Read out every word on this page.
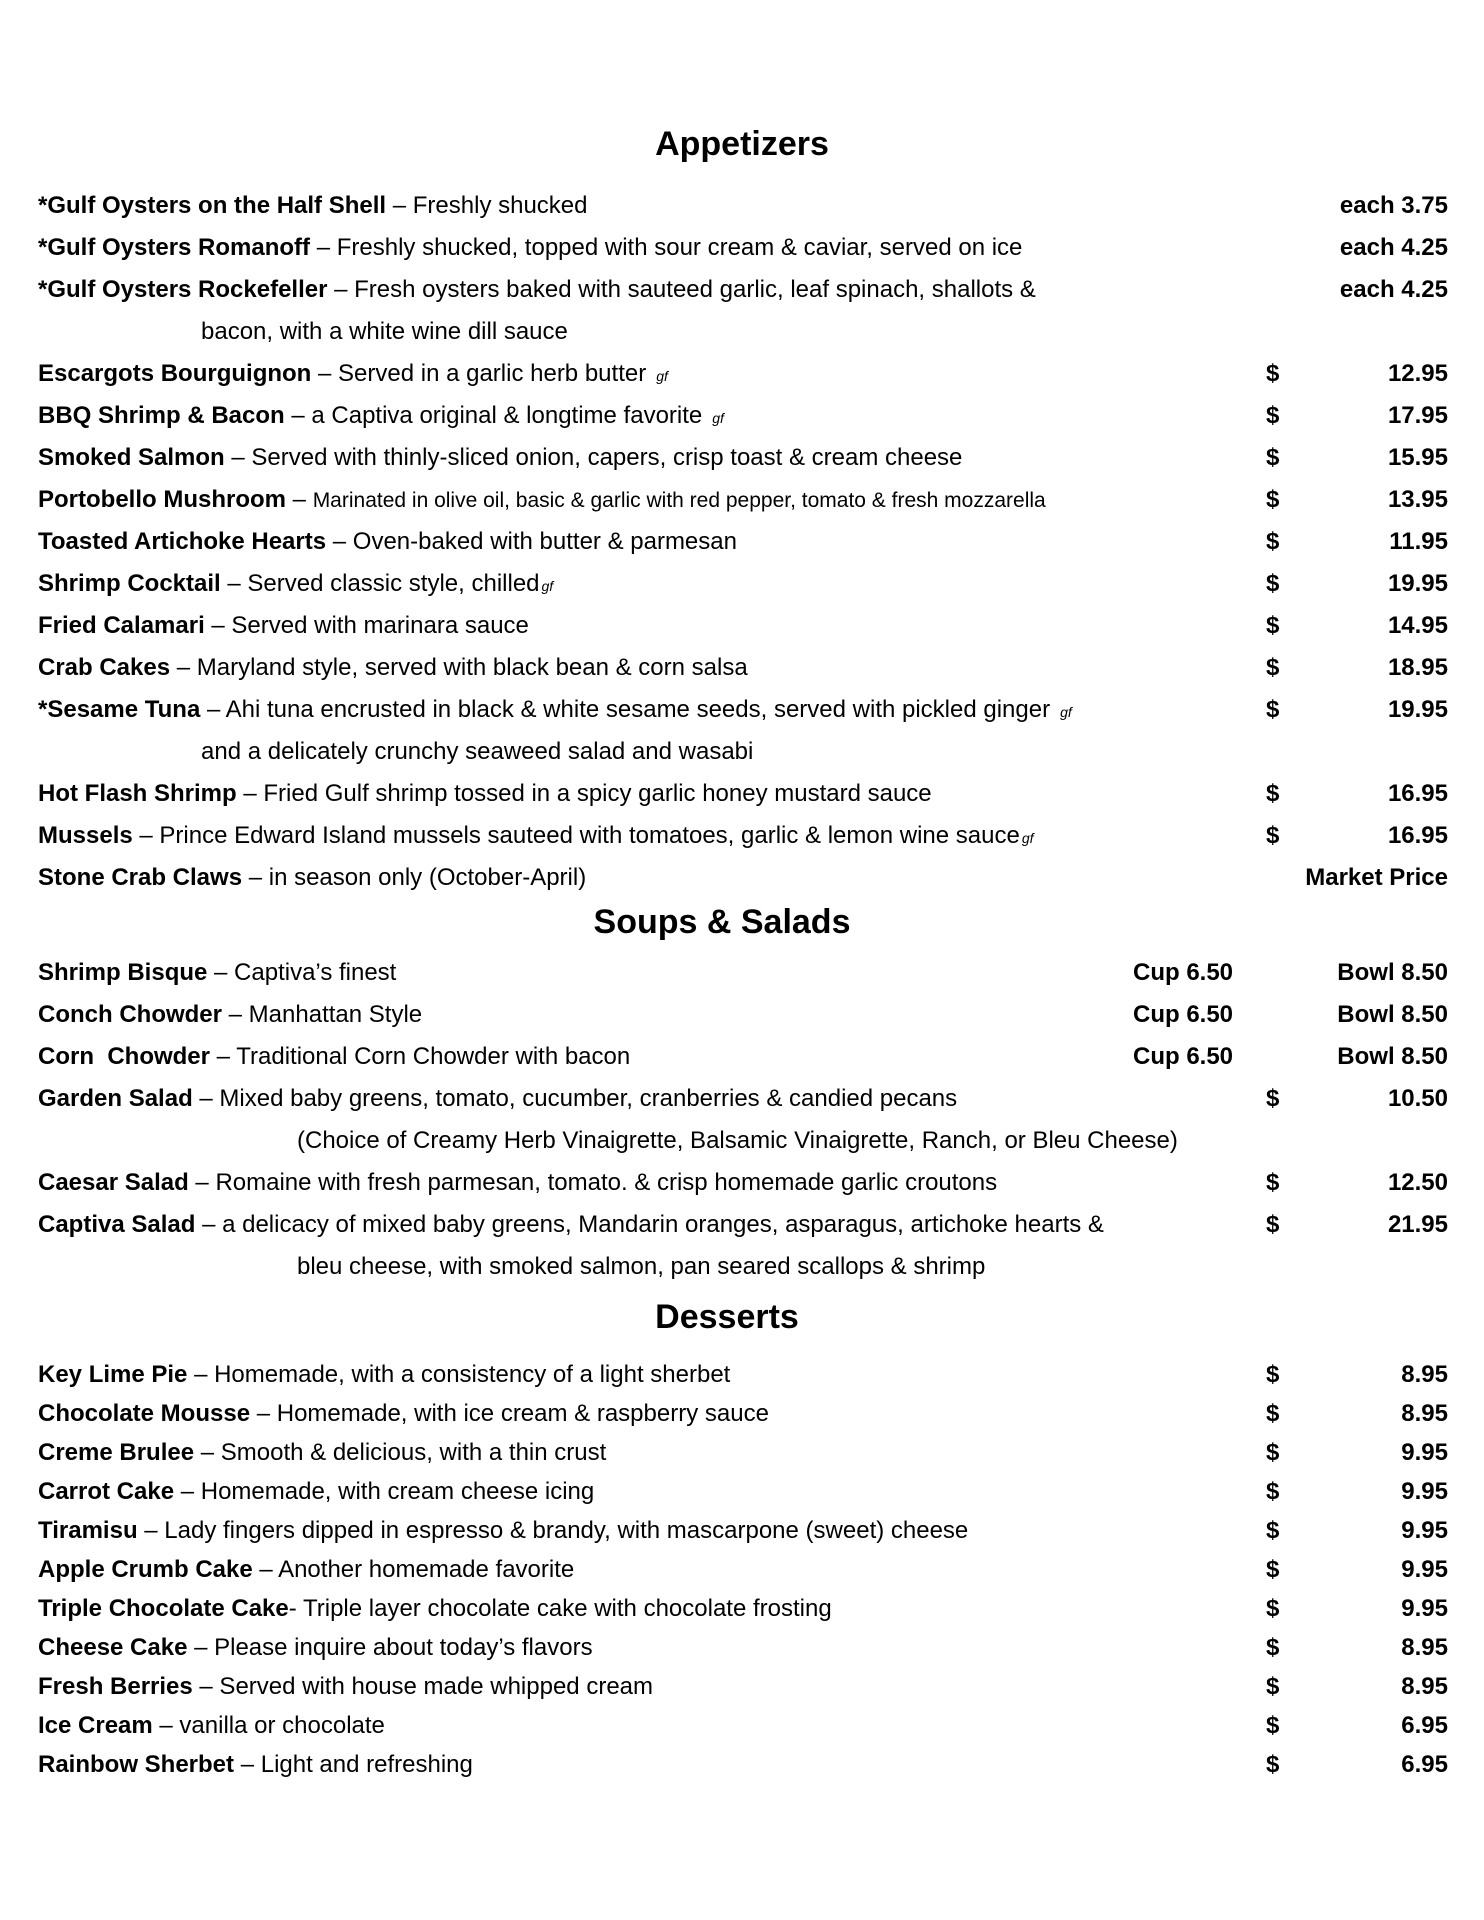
Appetizers
*Gulf Oysters on the Half Shell – Freshly shucked	each 3.75
*Gulf Oysters Romanoff – Freshly shucked, topped with sour cream & caviar, served on ice	each 4.25
*Gulf Oysters Rockefeller – Fresh oysters baked with sauteed garlic, leaf spinach, shallots &	each 4.25
bacon, with a white wine dill sauce
Escargots Bourguignon – Served in a garlic herb butter gf	$	12.95
BBQ Shrimp & Bacon – a Captiva original & longtime favorite gf	$	17.95
Smoked Salmon – Served with thinly-sliced onion, capers, crisp toast & cream cheese	$	15.95
Portobello Mushroom – Marinated in olive oil, basic & garlic with red pepper, tomato & fresh mozzarella	$	13.95
Toasted Artichoke Hearts – Oven-baked with butter & parmesan	$	11.95
Shrimp Cocktail – Served classic style, chilled gf	$	19.95
Fried Calamari – Served with marinara sauce	$	14.95
Crab Cakes – Maryland style, served with black bean & corn salsa	$	18.95
*Sesame Tuna – Ahi tuna encrusted in black & white sesame seeds, served with pickled ginger gf	$	19.95
and a delicately crunchy seaweed salad and wasabi
Hot Flash Shrimp – Fried Gulf shrimp tossed in a spicy garlic honey mustard sauce	$	16.95
Mussels – Prince Edward Island mussels sauteed with tomatoes, garlic & lemon wine sauce gf	$	16.95
Stone Crab Claws – in season only (October-April)	Market Price
Soups & Salads
Shrimp Bisque – Captiva’s finest	Cup 6.50	Bowl 8.50
Conch Chowder – Manhattan Style	Cup 6.50	Bowl 8.50
Corn  Chowder – Traditional Corn Chowder with bacon	Cup 6.50	Bowl 8.50
Garden Salad – Mixed baby greens, tomato, cucumber, cranberries & candied pecans	$	10.50
(Choice of Creamy Herb Vinaigrette, Balsamic Vinaigrette, Ranch, or Bleu Cheese)
Caesar Salad – Romaine with fresh parmesan, tomato. & crisp homemade garlic croutons	$	12.50
Captiva Salad – a delicacy of mixed baby greens, Mandarin oranges, asparagus, artichoke hearts &	$	21.95
bleu cheese, with smoked salmon, pan seared scallops & shrimp
Desserts
Key Lime Pie – Homemade, with a consistency of a light sherbet	$	8.95
Chocolate Mousse – Homemade, with ice cream & raspberry sauce	$	8.95
Creme Brulee – Smooth & delicious, with a thin crust	$	9.95
Carrot Cake – Homemade, with cream cheese icing	$	9.95
Tiramisu – Lady fingers dipped in espresso & brandy, with mascarpone (sweet) cheese	$	9.95
Apple Crumb Cake – Another homemade favorite	$	9.95
Triple Chocolate Cake- Triple layer chocolate cake with chocolate frosting	$	9.95
Cheese Cake – Please inquire about today’s flavors	$	8.95
Fresh Berries – Served with house made whipped cream	$	8.95
Ice Cream – vanilla or chocolate	$	6.95
Rainbow Sherbet – Light and refreshing	$	6.95
